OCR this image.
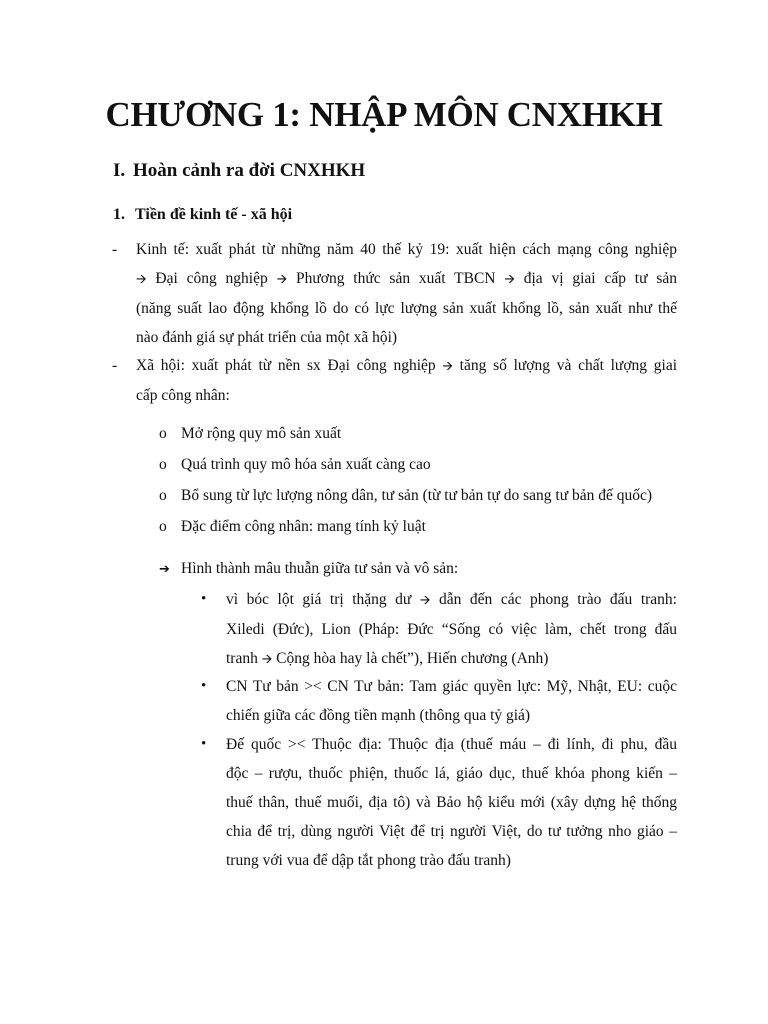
CHƯƠNG 1: NHẬP MÔN CNXHKH
I. Hoàn cảnh ra đời CNXHKH
1. Tiền đề kinh tế - xã hội
- Kinh tế: xuất phát từ những năm 40 thế kỷ 19: xuất hiện cách mạng công nghiệp
🡪 Đại công nghiệp 🡪 Phương thức sản xuất TBCN 🡪 địa vị giai cấp tư sản
(năng suất lao động khổng lồ do có lực lượng sản xuất khổng lồ, sản xuất như thế
nào đánh giá sự phát triển của một xã hội)
- Xã hội: xuất phát từ nền sx Đại công nghiệp 🡪 tăng số lượng và chất lượng giai
cấp công nhân:
o Mở rộng quy mô sản xuất
o Quá trình quy mô hóa sản xuất càng cao
o Bổ sung từ lực lượng nông dân, tư sản (từ tư bản tự do sang tư bản đế quốc)
o Đặc điểm công nhân: mang tính kỷ luật
➔ Hình thành mâu thuẫn giữa tư sản và vô sản:
• vì bóc lột giá trị thặng dư 🡪 dẫn đến các phong trào đấu tranh:
Xiledi (Đức), Lion (Pháp: Đức “Sống có việc làm, chết trong đấu
tranh 🡪 Cộng hòa hay là chết”), Hiến chương (Anh)
• CN Tư bản >< CN Tư bản: Tam giác quyền lực: Mỹ, Nhật, EU: cuộc
chiến giữa các đồng tiền mạnh (thông qua tỷ giá)
• Đế quốc >< Thuộc địa: Thuộc địa (thuế máu – đi lính, đi phu, đầu
độc – rượu, thuốc phiện, thuốc lá, giáo dục, thuế khóa phong kiến –
thuế thân, thuế muối, địa tô) và Bảo hộ kiểu mới (xây dựng hệ thống
chia để trị, dùng người Việt để trị người Việt, do tư tưởng nho giáo –
trung với vua để dập tắt phong trào đấu tranh)
